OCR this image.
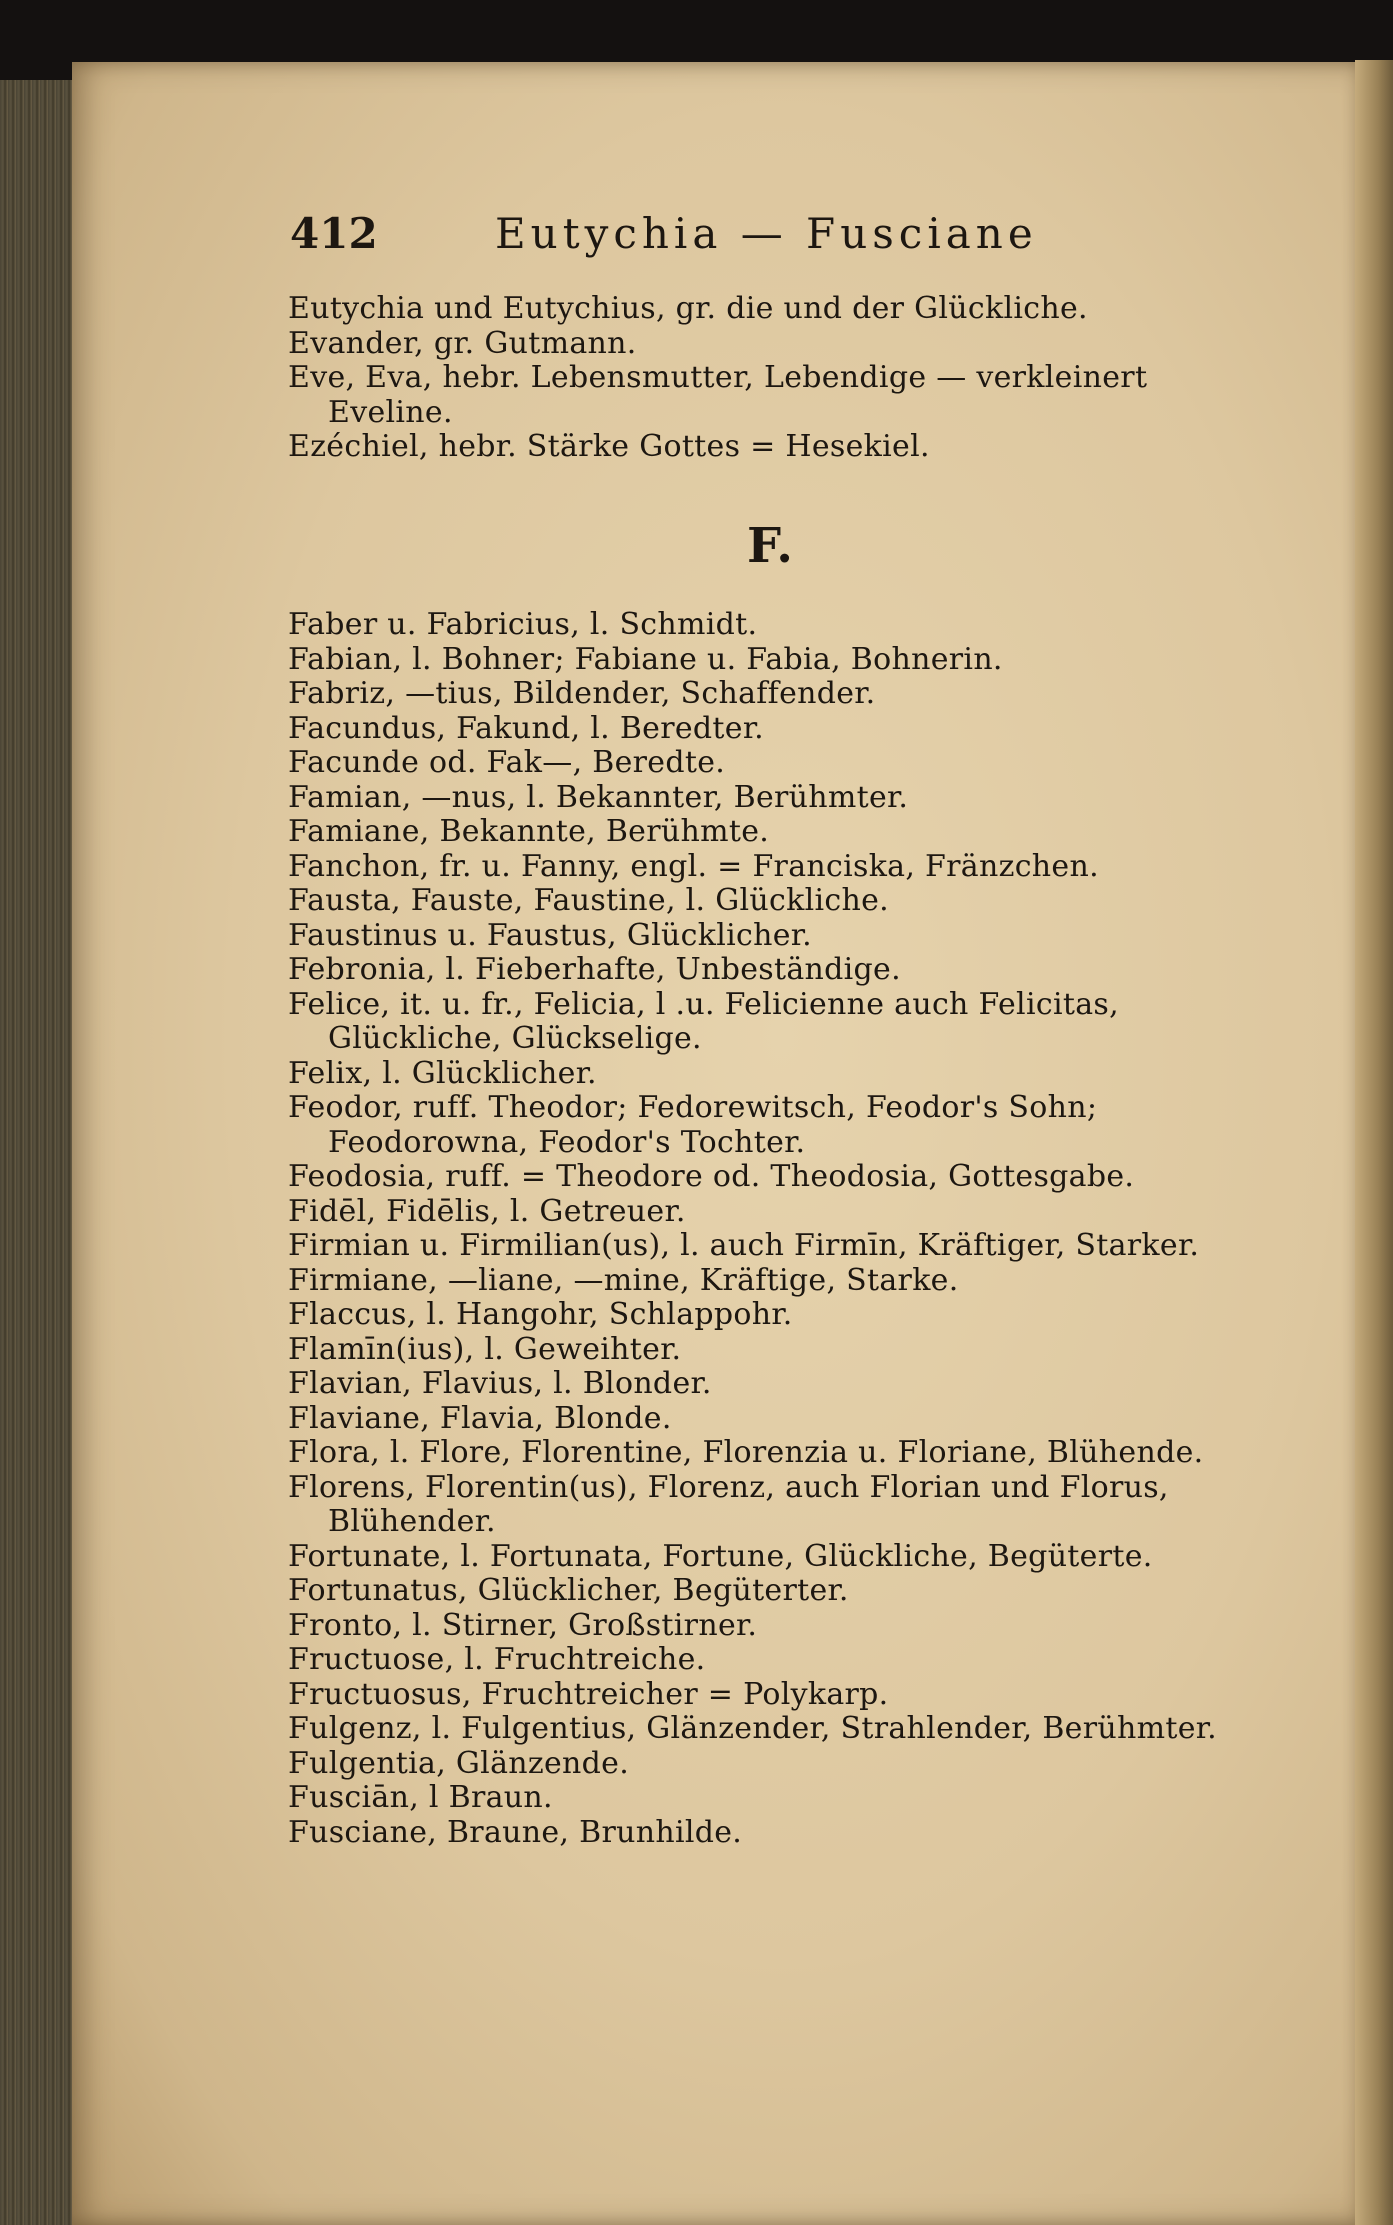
412	Eutychia — Fusciane

Eutychia und Eutychius, gr. die und der Glückliche.

Evander, gr. Gutmann.

Eve, Eva, hebr. Lebensmutter, Lebendige — verkleinert Eveline.

Ezéchiel, hebr. Stärke Gottes = Hesekiel.

F.

Faber u. Fabricius, l. Schmidt.

Fabian, l. Bohner; Fabiane u. Fabia, Bohnerin.

Fabriz, —tius, Bildender, Schaffender.

Facundus, Fakund, l. Beredter.

Facunde od. Fak—, Beredte.

Famian, —nus, l. Bekannter, Berühmter.

Famiane, Bekannte, Berühmte.

Fanchon, fr. u. Fanny, engl. = Franciska, Fränzchen.

Fausta, Fauste, Faustine, l. Glückliche.

Faustinus u. Faustus, Glücklicher.

Febronia, l. Fieberhafte, Unbeständige.

Felice, it. u. fr., Felicia, l .u. Felicienne auch Felicitas, Glückliche, Glückselige.

Felix, l. Glücklicher.

Feodor, ruff. Theodor; Fedorewitsch, Feodor's Sohn; Feodorowna, Feodor's Tochter.

Feodosia, ruff. = Theodore od. Theodosia, Gottesgabe.

Fidēl, Fidēlis, l. Getreuer.

Firmian u. Firmilian(us), l. auch Firmīn, Kräftiger, Starker.

Firmiane, —liane, —mine, Kräftige, Starke.

Flaccus, l. Hangohr, Schlappohr.

Flamīn(ius), l. Geweihter.

Flavian, Flavius, l. Blonder.

Flaviane, Flavia, Blonde.

Flora, l. Flore, Florentine, Florenzia u. Floriane, Blühende.

Florens, Florentin(us), Florenz, auch Florian und Florus, Blühender.

Fortunate, l. Fortunata, Fortune, Glückliche, Begüterte.

Fortunatus, Glücklicher, Begüterter.

Fronto, l. Stirner, Großstirner.

Fructuose, l. Fruchtreiche.

Fructuosus, Fruchtreicher = Polykarp.

Fulgenz, l. Fulgentius, Glänzender, Strahlender, Berühmter.

Fulgentia, Glänzende.

Fusciān, l Braun.

Fusciane, Braune, Brunhilde.
